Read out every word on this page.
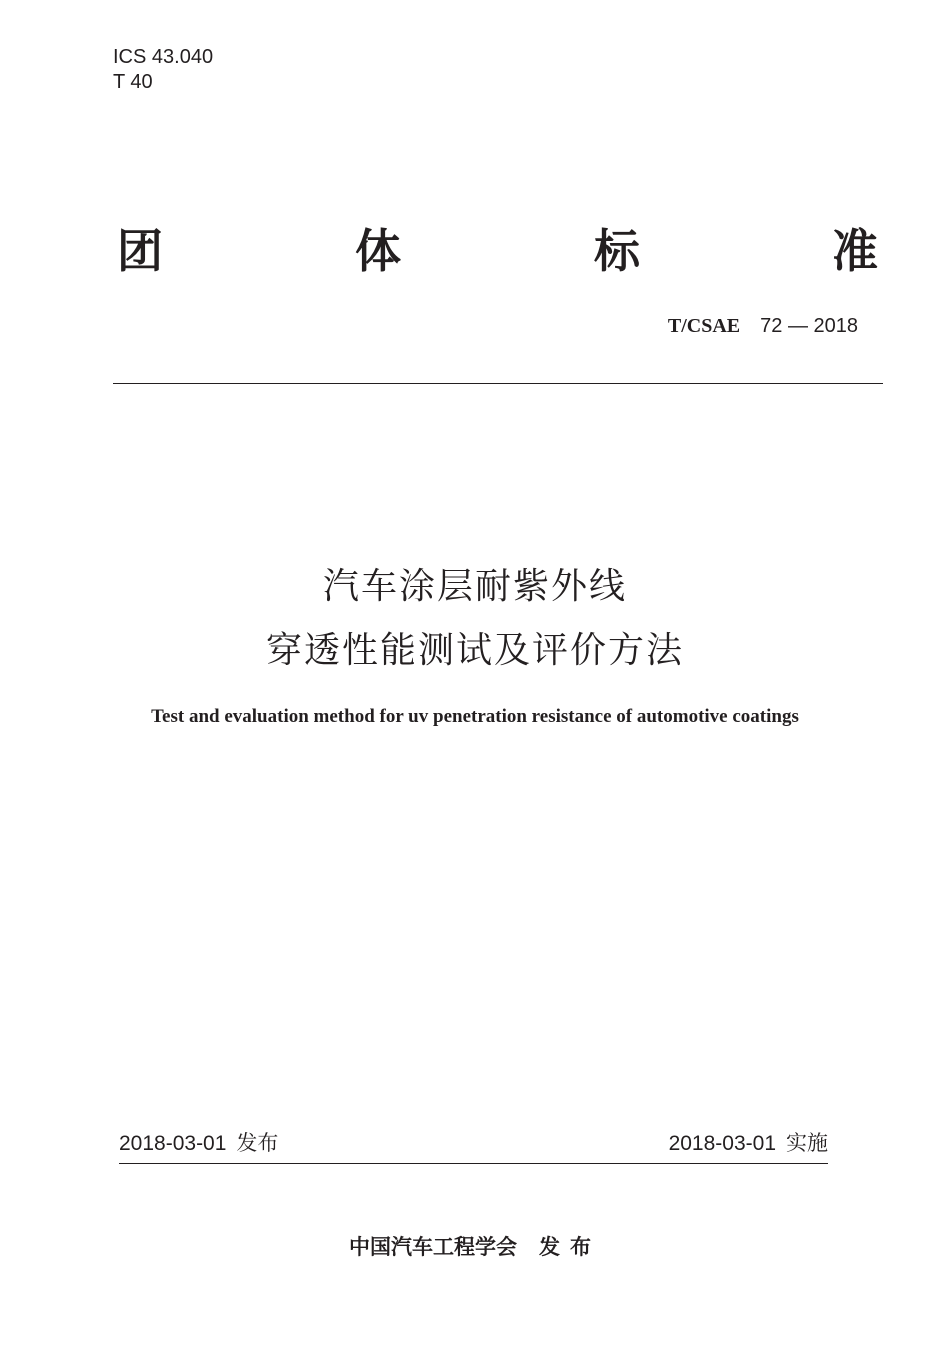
ICS 43.040
T 40
团	体	标	准
T/CSAE 72 — 2018
汽车涂层耐紫外线
穿透性能测试及评价方法
Test and evaluation method for uv penetration resistance of automotive coatings
2018-03-01 发布	2018-03-01 实施
中国汽车工程学会 发布
